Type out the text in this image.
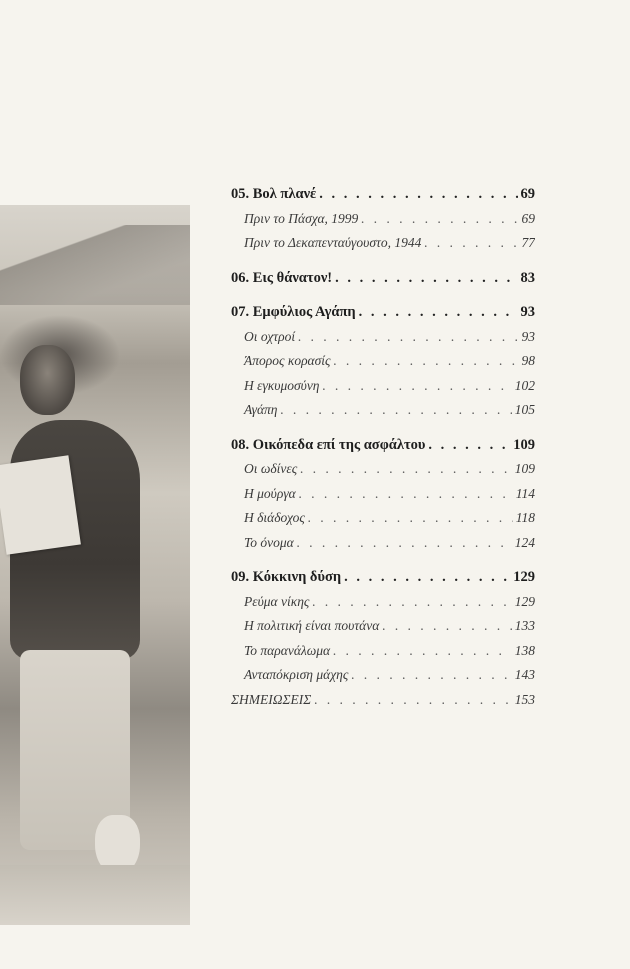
05. Βολ πλανέ . . .	69
Πριν το Πάσχα, 1999 . . .	69
Πριν το Δεκαπενταύγουστο, 1944 . . .	77
06. Εις θάνατον! . . .	83
07. Εμφύλιος Αγάπη . . .	93
Οι οχτροί . . .	93
Άπορος κορασίς . . .	98
Η εγκυμοσύνη . . .	102
Αγάπη . . .	105
08. Οικόπεδα επί της ασφάλτου . . .	109
Οι ωδίνες . . .	109
Η μούργα . . .	114
Η διάδοχος . . .	118
Το όνομα . . .	124
09. Κόκκινη δύση . . .	129
Ρεύμα νίκης . . .	129
Η πολιτική είναι πουτάνα . . .	133
Το παρανάλωμα . . .	138
Ανταπόκριση μάχης . . .	143
ΣΗΜΕΙΩΣΕΙΣ . . .	153
